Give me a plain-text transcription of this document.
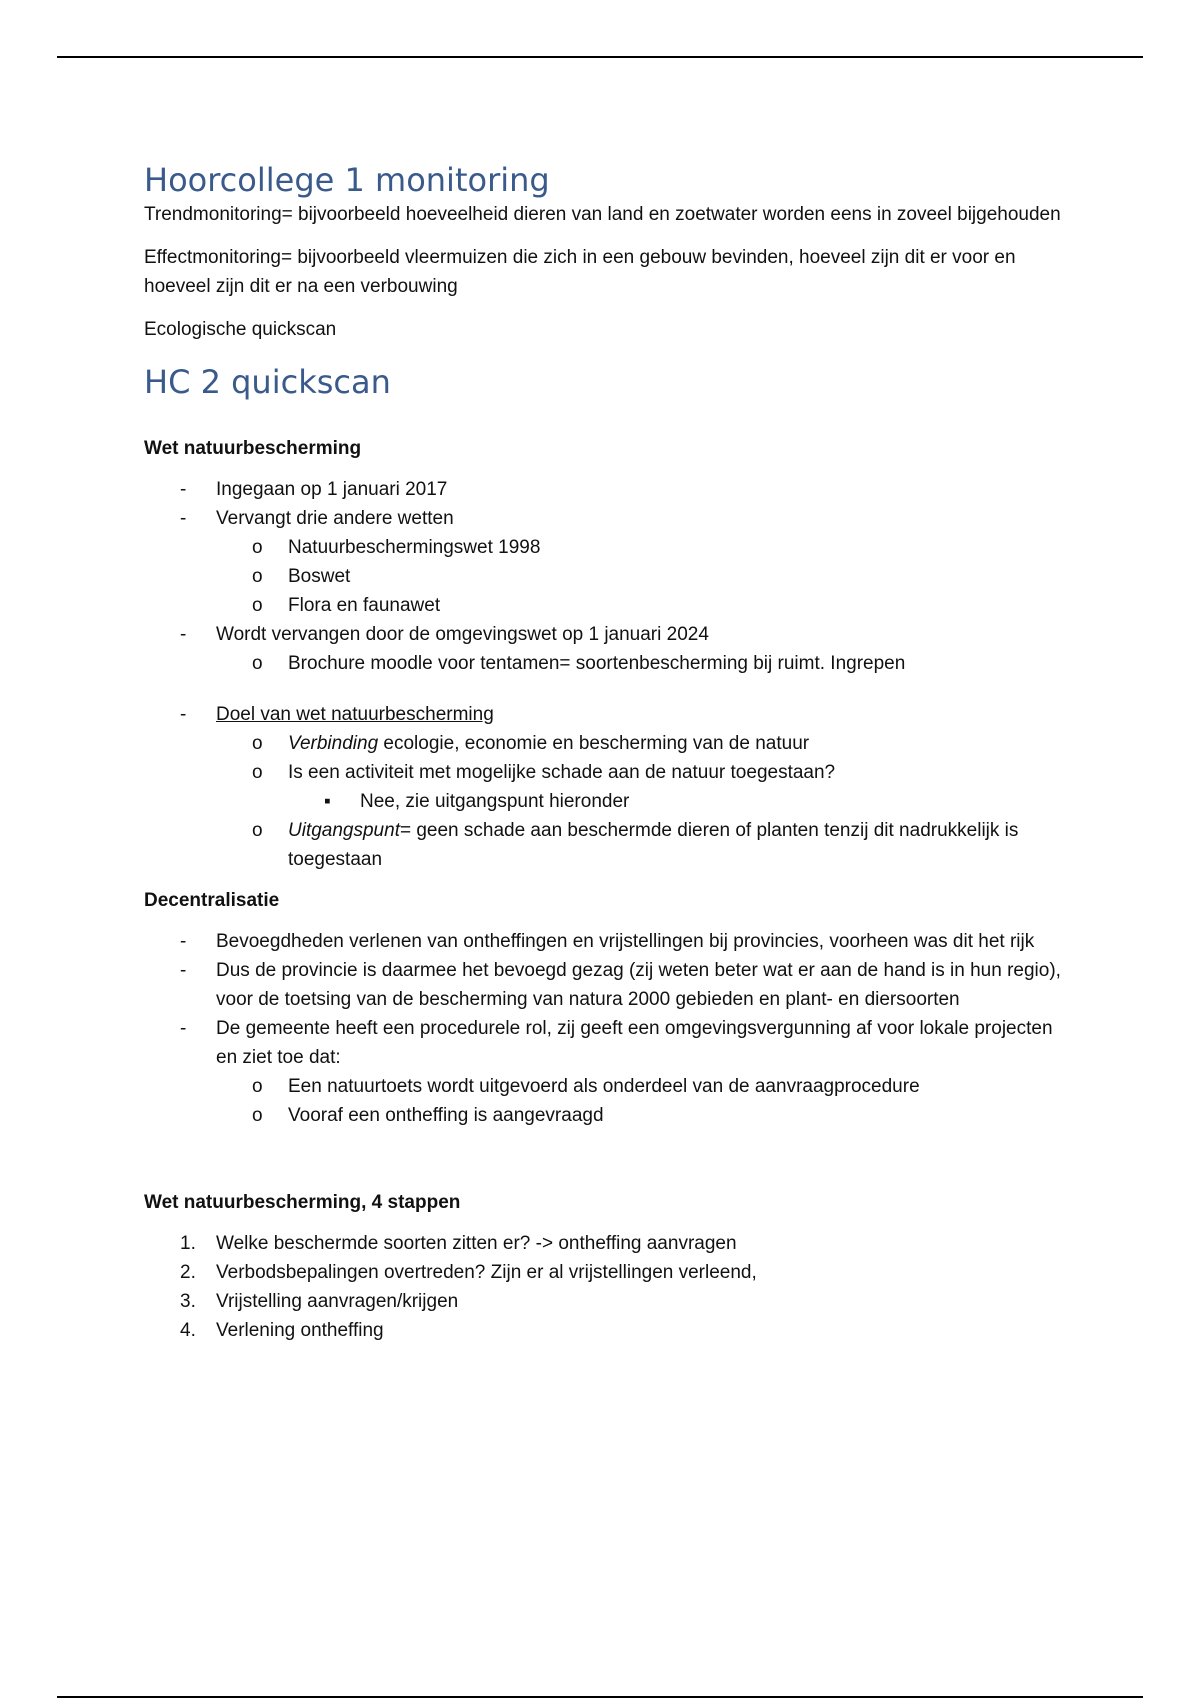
Hoorcollege 1 monitoring

Trendmonitoring= bijvoorbeeld hoeveelheid dieren van land en zoetwater worden eens in zoveel bijgehouden

Effectmonitoring= bijvoorbeeld vleermuizen die zich in een gebouw bevinden, hoeveel zijn dit er voor en hoeveel zijn dit er na een verbouwing

Ecologische quickscan

HC 2 quickscan
Wet natuurbescherming
- Ingegaan op 1 januari 2017
- Vervangt drie andere wetten
o Natuurbeschermingswet 1998
o Boswet
o Flora en faunawet
- Wordt vervangen door de omgevingswet op 1 januari 2024
o Brochure moodle voor tentamen= soortenbescherming bij ruimt. Ingrepen
- Doel van wet natuurbescherming
o Verbinding ecologie, economie en bescherming van de natuur
o Is een activiteit met mogelijke schade aan de natuur toegestaan?
▪ Nee, zie uitgangspunt hieronder
o Uitgangspunt= geen schade aan beschermde dieren of planten tenzij dit nadrukkelijk is toegestaan
Decentralisatie
- Bevoegdheden verlenen van ontheffingen en vrijstellingen bij provincies, voorheen was dit het rijk
- Dus de provincie is daarmee het bevoegd gezag (zij weten beter wat er aan de hand is in hun regio), voor de toetsing van de bescherming van natura 2000 gebieden en plant- en diersoorten
- De gemeente heeft een procedurele rol, zij geeft een omgevingsvergunning af voor lokale projecten en ziet toe dat:
o Een natuurtoets wordt uitgevoerd als onderdeel van de aanvraagprocedure
o Vooraf een ontheffing is aangevraagd
Wet natuurbescherming, 4 stappen
1. Welke beschermde soorten zitten er? -> ontheffing aanvragen
2. Verbodsbepalingen overtreden? Zijn er al vrijstellingen verleend,
3. Vrijstelling aanvragen/krijgen
4. Verlening ontheffing
